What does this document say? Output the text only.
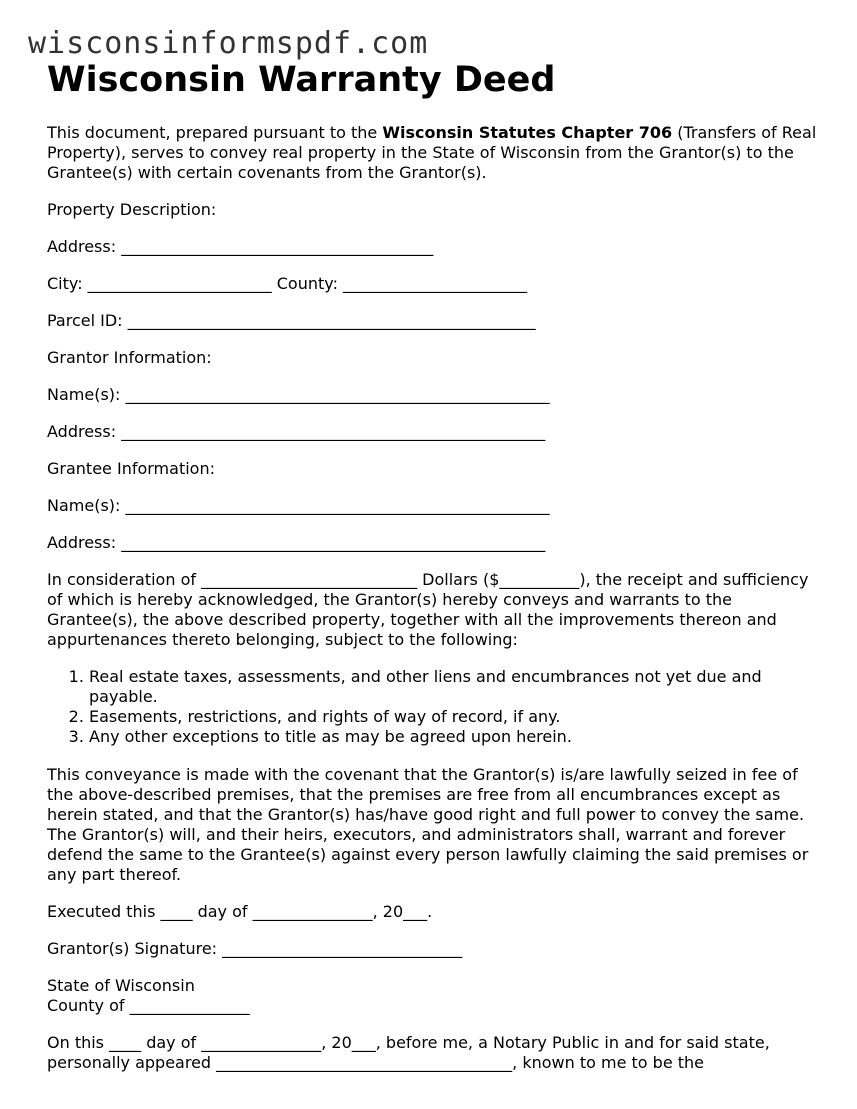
wisconsinformspdf.com
Wisconsin Warranty Deed

This document, prepared pursuant to the Wisconsin Statutes Chapter 706 (Transfers of Real Property), serves to convey real property in the State of Wisconsin from the Grantor(s) to the Grantee(s) with certain covenants from the Grantor(s).

Property Description:

Address: _______________________________________

City: _______________________ County: _______________________

Parcel ID: ___________________________________________________

Grantor Information:

Name(s): _____________________________________________________

Address: _____________________________________________________

Grantee Information:

Name(s): _____________________________________________________

Address: _____________________________________________________

In consideration of ___________________________ Dollars ($__________), the receipt and sufficiency of which is hereby acknowledged, the Grantor(s) hereby conveys and warrants to the Grantee(s), the above described property, together with all the improvements thereon and appurtenances thereto belonging, subject to the following:

1. Real estate taxes, assessments, and other liens and encumbrances not yet due and payable.
2. Easements, restrictions, and rights of way of record, if any.
3. Any other exceptions to title as may be agreed upon herein.

This conveyance is made with the covenant that the Grantor(s) is/are lawfully seized in fee of the above-described premises, that the premises are free from all encumbrances except as herein stated, and that the Grantor(s) has/have good right and full power to convey the same. The Grantor(s) will, and their heirs, executors, and administrators shall, warrant and forever defend the same to the Grantee(s) against every person lawfully claiming the said premises or any part thereof.

Executed this ____ day of _______________, 20___.

Grantor(s) Signature: ______________________________

State of Wisconsin
County of _______________

On this ____ day of _______________, 20___, before me, a Notary Public in and for said state, personally appeared _____________________________________, known to me to be the
